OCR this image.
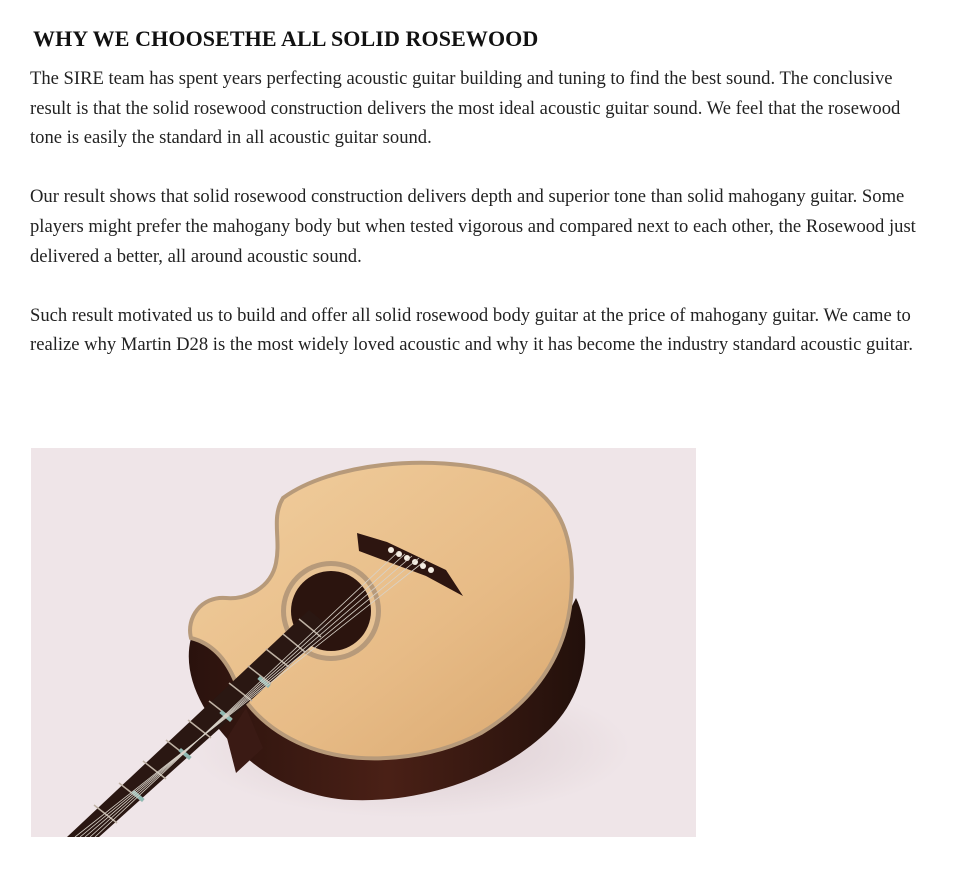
WHY WE CHOOSETHE ALL SOLID ROSEWOOD

The SIRE team has spent years perfecting acoustic guitar building and tuning to find the best sound. The conclusive result is that the solid rosewood construction delivers the most ideal acoustic guitar sound. We feel that the rosewood tone is easily the standard in all acoustic guitar sound.

Our result shows that solid rosewood construction delivers depth and superior tone than solid mahogany guitar. Some players might prefer the mahogany body but when tested vigorous and compared next to each other, the Rosewood just delivered a better, all around acoustic sound.

Such result motivated us to build and offer all solid rosewood body guitar at the price of mahogany guitar. We came to realize why Martin D28 is the most widely loved acoustic and why it has become the industry standard acoustic guitar.
